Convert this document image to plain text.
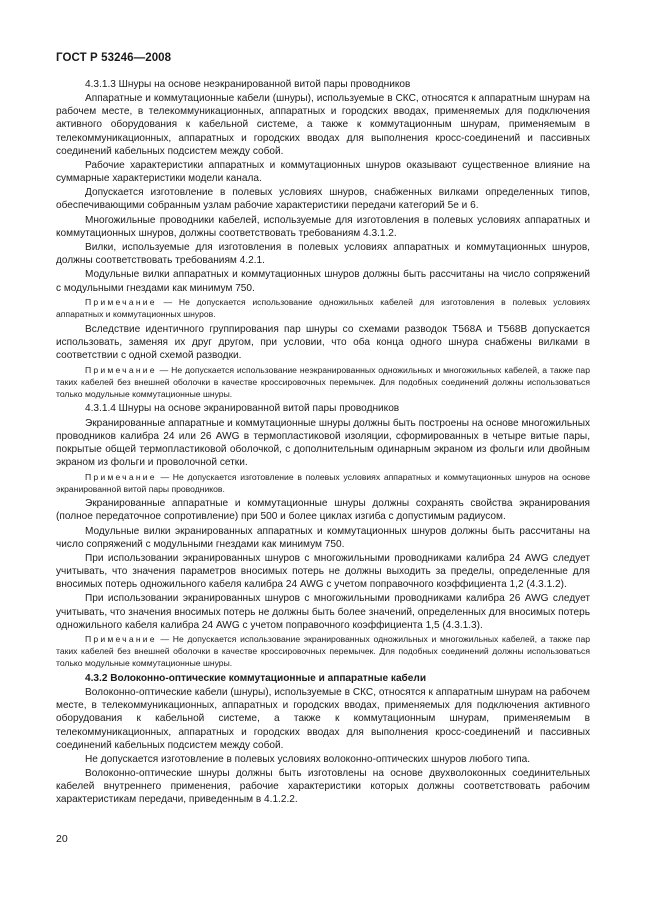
ГОСТ Р 53246—2008

4.3.1.3 Шнуры на основе неэкранированной витой пары проводников

Аппаратные и коммутационные кабели (шнуры), используемые в СКС, относятся к аппаратным шнурам на рабочем месте, в телекоммуникационных, аппаратных и городских вводах, применяемых для подключения активного оборудования к кабельной системе, а также к коммутационным шнурам, применяемым в телекоммуникационных, аппаратных и городских вводах для выполнения кросс-соединений и пассивных соединений кабельных подсистем между собой.

Рабочие характеристики аппаратных и коммутационных шнуров оказывают существенное влияние на суммарные характеристики модели канала.

Допускается изготовление в полевых условиях шнуров, снабженных вилками определенных типов, обеспечивающими собранным узлам рабочие характеристики передачи категорий 5е и 6.

Многожильные проводники кабелей, используемые для изготовления в полевых условиях аппаратных и коммутационных шнуров, должны соответствовать требованиям 4.3.1.2.

Вилки, используемые для изготовления в полевых условиях аппаратных и коммутационных шнуров, должны соответствовать требованиям 4.2.1.

Модульные вилки аппаратных и коммутационных шнуров должны быть рассчитаны на число сопряжений с модульными гнездами как минимум 750.

Примечание — Не допускается использование одножильных кабелей для изготовления в полевых условиях аппаратных и коммутационных шнуров.

Вследствие идентичного группирования пар шнуры со схемами разводок T568A и T568B допускается использовать, заменяя их друг другом, при условии, что оба конца одного шнура снабжены вилками в соответствии с одной схемой разводки.

Примечание — Не допускается использование неэкранированных одножильных и многожильных кабелей, а также пар таких кабелей без внешней оболочки в качестве кроссировочных перемычек. Для подобных соединений должны использоваться только модульные коммутационные шнуры.

4.3.1.4 Шнуры на основе экранированной витой пары проводников

Экранированные аппаратные и коммутационные шнуры должны быть построены на основе многожильных проводников калибра 24 или 26 AWG в термопластиковой изоляции, сформированных в четыре витые пары, покрытые общей термопластиковой оболочкой, с дополнительным одинарным экраном из фольги или двойным экраном из фольги и проволочной сетки.

Примечание — Не допускается изготовление в полевых условиях аппаратных и коммутационных шнуров на основе экранированной витой пары проводников.

Экранированные аппаратные и коммутационные шнуры должны сохранять свойства экранирования (полное передаточное сопротивление) при 500 и более циклах изгиба с допустимым радиусом.

Модульные вилки экранированных аппаратных и коммутационных шнуров должны быть рассчитаны на число сопряжений с модульными гнездами как минимум 750.

При использовании экранированных шнуров с многожильными проводниками калибра 24 AWG следует учитывать, что значения параметров вносимых потерь не должны выходить за пределы, определенные для вносимых потерь одножильного кабеля калибра 24 AWG с учетом поправочного коэффициента 1,2 (4.3.1.2).

При использовании экранированных шнуров с многожильными проводниками калибра 26 AWG следует учитывать, что значения вносимых потерь не должны быть более значений, определенных для вносимых потерь одножильного кабеля калибра 24 AWG с учетом поправочного коэффициента 1,5 (4.3.1.3).

Примечание — Не допускается использование экранированных одножильных и многожильных кабелей, а также пар таких кабелей без внешней оболочки в качестве кроссировочных перемычек. Для подобных соединений должны использоваться только модульные коммутационные шнуры.

4.3.2 Волоконно-оптические коммутационные и аппаратные кабели

Волоконно-оптические кабели (шнуры), используемые в СКС, относятся к аппаратным шнурам на рабочем месте, в телекоммуникационных, аппаратных и городских вводах, применяемых для подключения активного оборудования к кабельной системе, а также к коммутационным шнурам, применяемым в телекоммуникационных, аппаратных и городских вводах для выполнения кросс-соединений и пассивных соединений кабельных подсистем между собой.

Не допускается изготовление в полевых условиях волоконно-оптических шнуров любого типа.

Волоконно-оптические шнуры должны быть изготовлены на основе двухволоконных соединительных кабелей внутреннего применения, рабочие характеристики которых должны соответствовать рабочим характеристикам передачи, приведенным в 4.1.2.2.

20
